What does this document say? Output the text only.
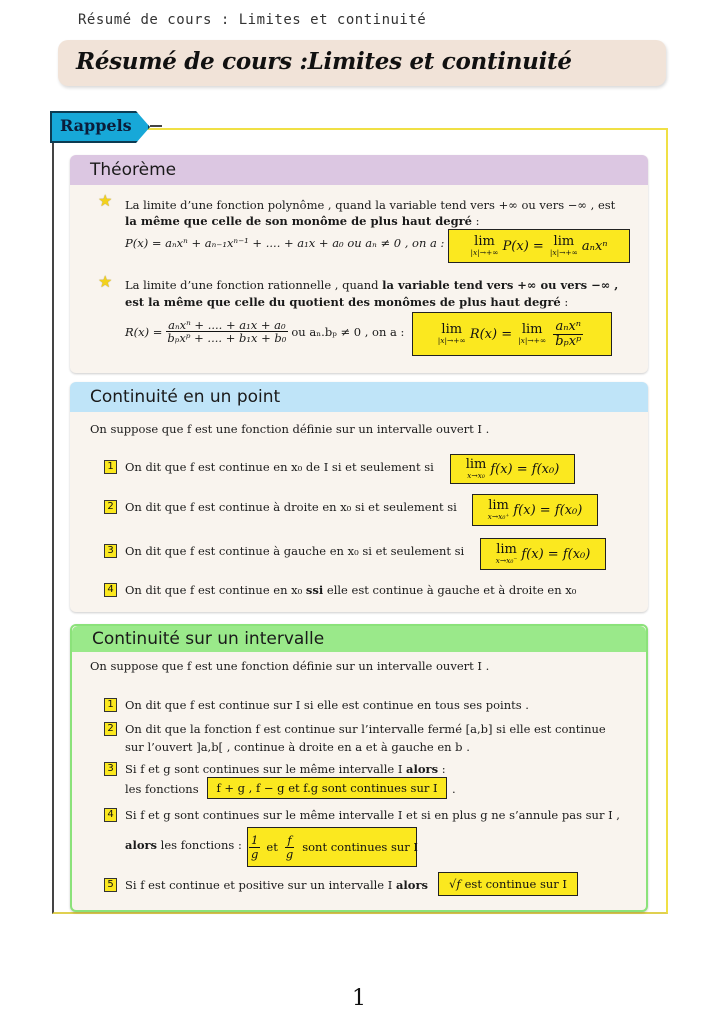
Résumé de cours : Limites et continuité
Résumé de cours :Limites et continuité
Rappels
Théorème
★ La limite d’une fonction polynôme , quand la variable tend vers +∞ ou vers −∞ , est
la même que celle de son monôme de plus haut degré :
P(x) = aₙxⁿ + aₙ₋₁xⁿ⁻¹ + .... + a₁x + a₀ ou aₙ ≠ 0 , on a : lim
|x|→+∞ P(x) = lim
|x|→+∞ aₙxⁿ
★ La limite d’une fonction rationnelle , quand la variable tend vers +∞ ou vers −∞ ,
est la même que celle du quotient des monômes de plus haut degré :
$R(x) = \frac{\text{aₙxⁿ + .... + a₁x + a₀}}{\text{bₚxᵖ + .... + b₁x + b₀}}$ ou aₙ.bₚ ≠ 0 , on a :	lim
|x|→+∞ R(x) = lim
$|x|\to+\infty \frac{\text{aₙxⁿ}}{\text{bₚxᵖ}}$
Continuité en un point
On suppose que f est une fonction définie sur un intervalle ouvert I .
1 On dit que f est continue en x₀ de I si et seulement si lim
x→x₀ f(x) = f(x₀)
2 On dit que f est continue à droite en x₀ si et seulement si lim
x→x₀⁺ f(x) = f(x₀)
3 On dit que f est continue à gauche en x₀ si et seulement si lim
x→x₀⁻ f(x) = f(x₀)
4 On dit que f est continue en x₀ ssi elle est continue à gauche et à droite en x₀
Continuité sur un intervalle
On suppose que f est une fonction définie sur un intervalle ouvert I .
1 On dit que f est continue sur I si elle est continue en tous ses points .
2 On dit que la fonction f est continue sur l’intervalle fermé [a,b] si elle est continue
sur l’ouvert ]a,b[ , continue à droite en a et à gauche en b .
3 Si f et g sont continues sur le même intervalle I alors :
les fonctions	f + g , f − g et f.g sont continues sur I	.
4 Si f et g sont continues sur le même intervalle I et si en plus g ne s’annule pas sur I ,
alors les fonctions : $\frac{1}{g}$ et $\frac{f}{g}$ sont continues sur I
5 Si f est continue et positive sur un intervalle I alors √f est continue sur I
1
